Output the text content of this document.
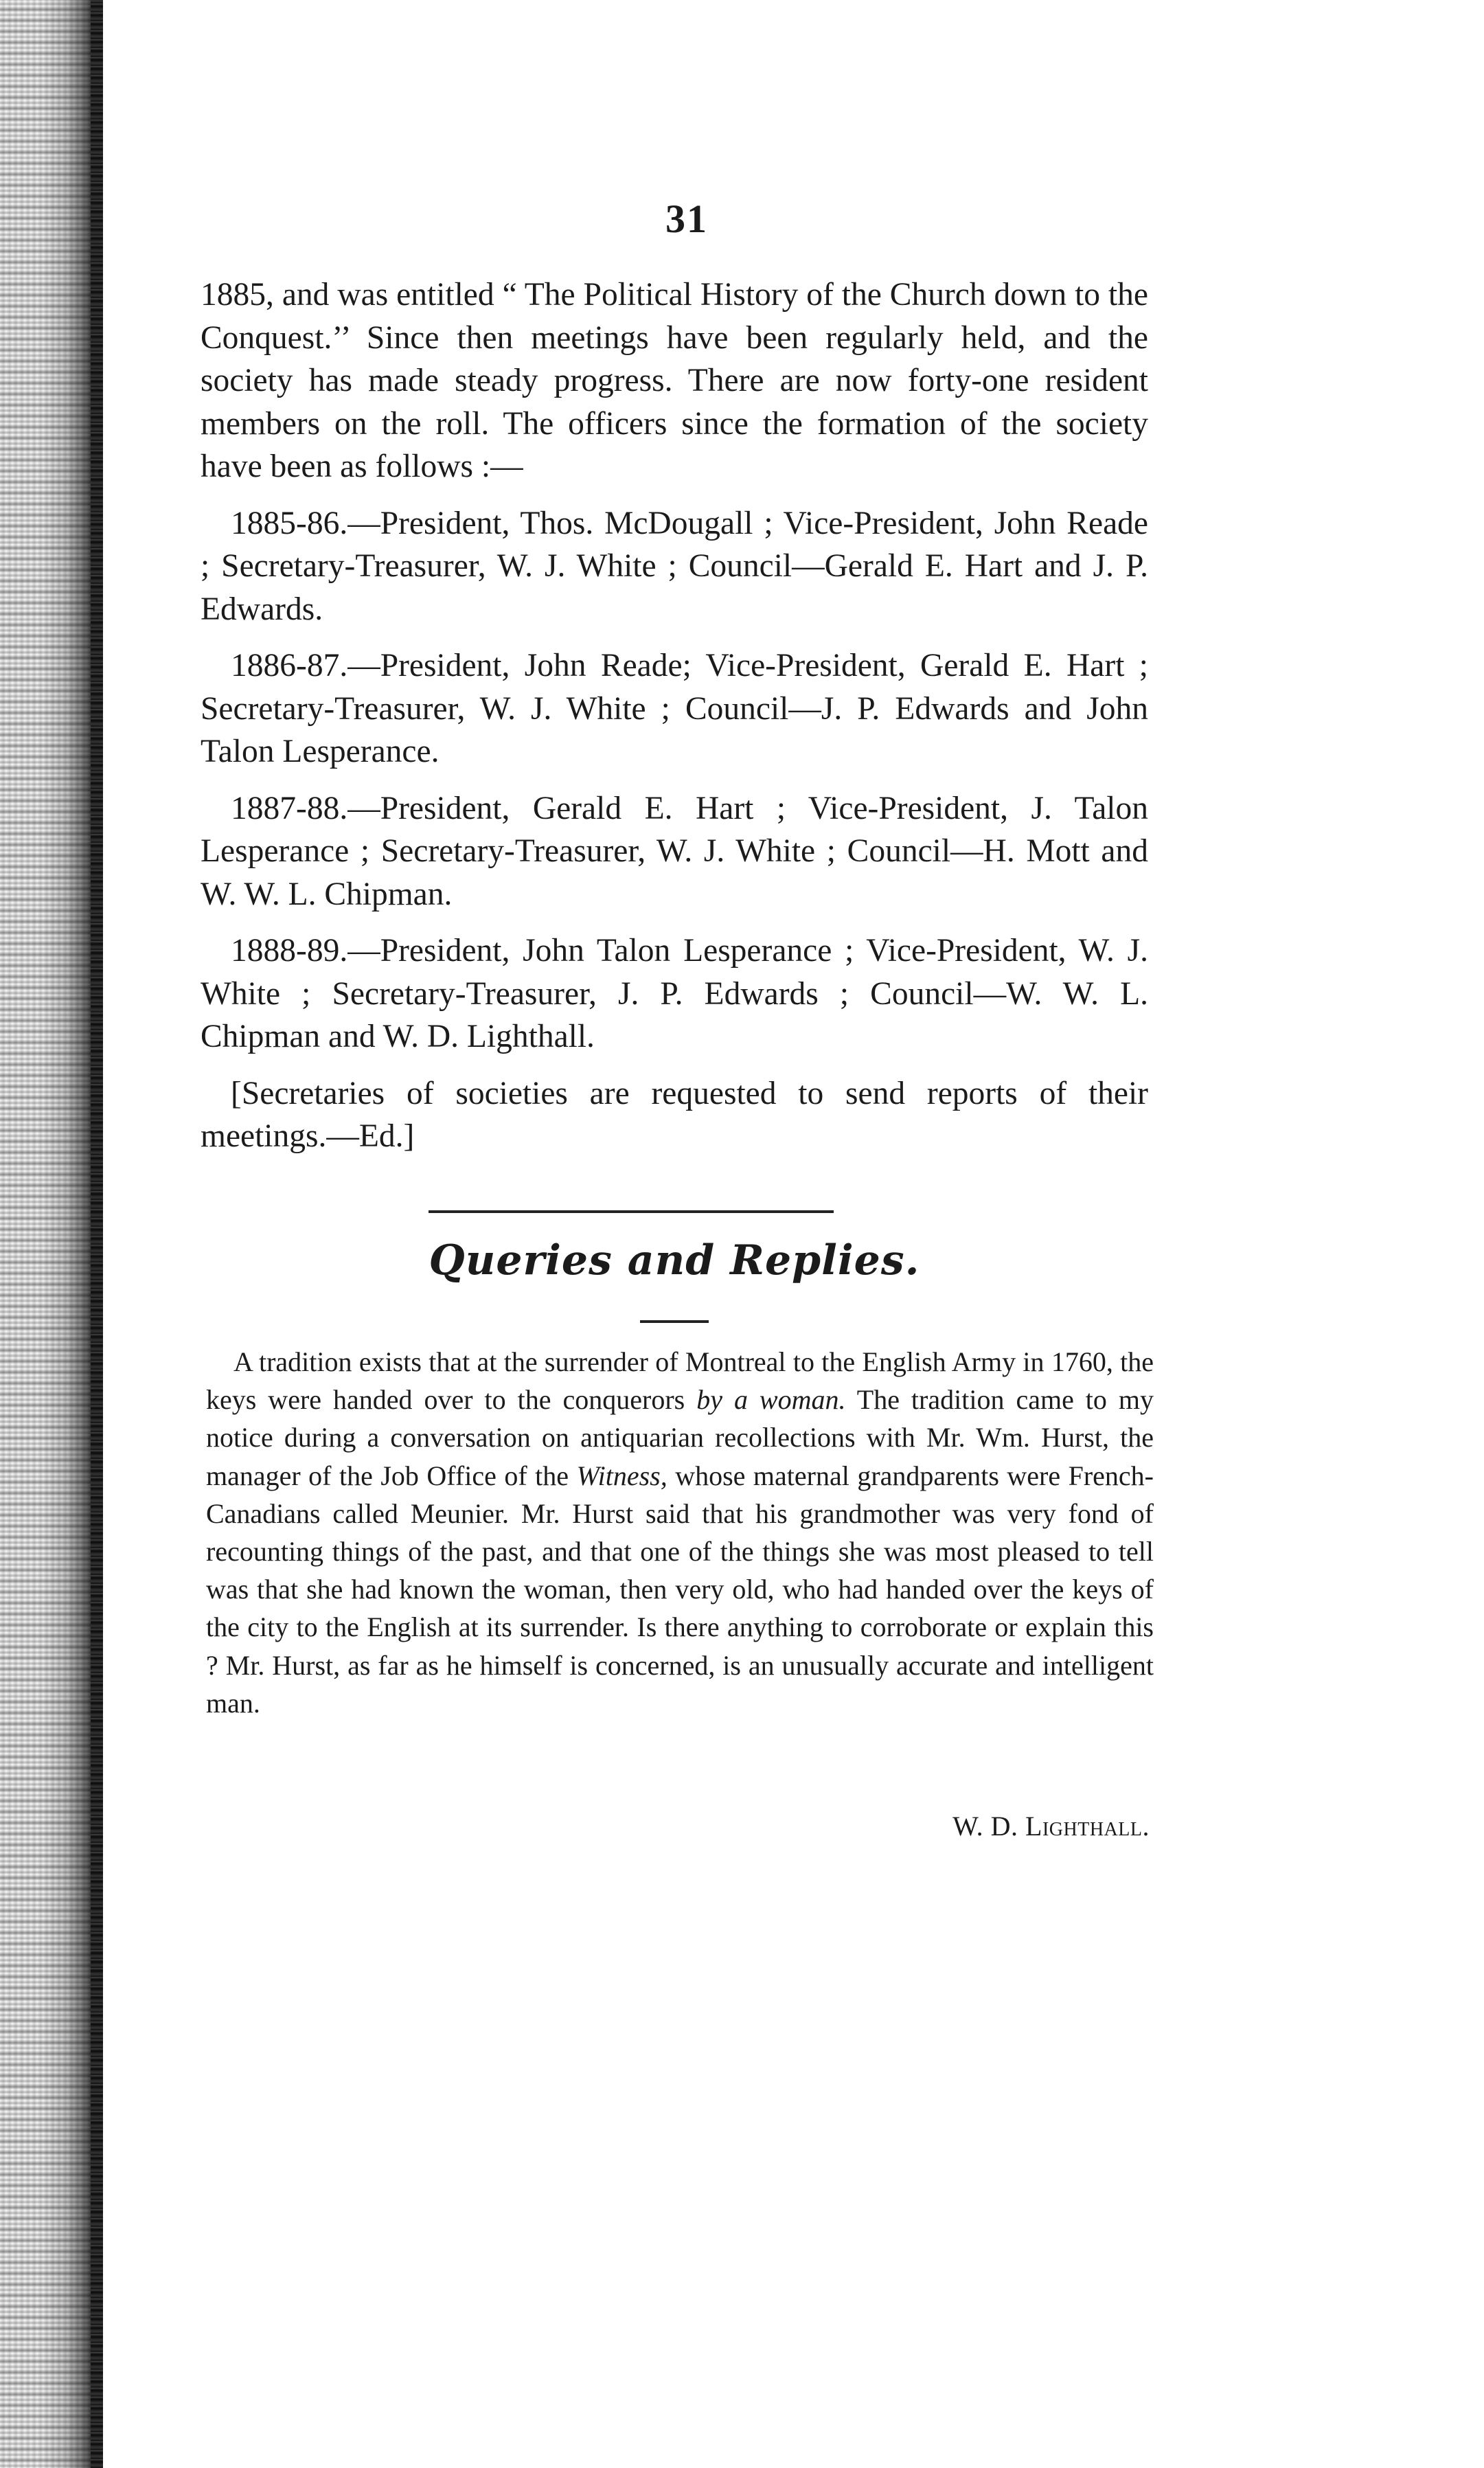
31

1885, and was entitled “ The Political History of the Church down to the Conquest.’’ Since then meetings have been regularly held, and the society has made steady progress. There are now forty-one resident members on the roll. The officers since the formation of the society have been as follows :—

1885-86.—President, Thos. McDougall ; Vice-President, John Reade ; Secretary-Treasurer, W. J. White ; Council—Gerald E. Hart and J. P. Edwards.

1886-87.—President, John Reade; Vice-President, Gerald E. Hart ; Secretary-Treasurer, W. J. White ; Council—J. P. Edwards and John Talon Lesperance.

1887-88.—President, Gerald E. Hart ; Vice-President, J. Talon Lesperance ; Secretary-Treasurer, W. J. White ; Council—H. Mott and W. W. L. Chipman.

1888-89.—President, John Talon Lesperance ; Vice-President, W. J. White ; Secretary-Treasurer, J. P. Edwards ; Council—W. W. L. Chipman and W. D. Lighthall.

[Secretaries of societies are requested to send reports of their meetings.—Ed.]

Queries and Replies.

A tradition exists that at the surrender of Montreal to the English Army in 1760, the keys were handed over to the conquerors by a woman. The tradition came to my notice during a conversation on antiquarian recollections with Mr. Wm. Hurst, the manager of the Job Office of the Witness, whose maternal grandparents were French-Canadians called Meunier. Mr. Hurst said that his grandmother was very fond of recounting things of the past, and that one of the things she was most pleased to tell was that she had known the woman, then very old, who had handed over the keys of the city to the English at its surrender. Is there anything to corroborate or explain this ? Mr. Hurst, as far as he himself is concerned, is an unusually accurate and intelligent man.

W. D. Lighthall.
